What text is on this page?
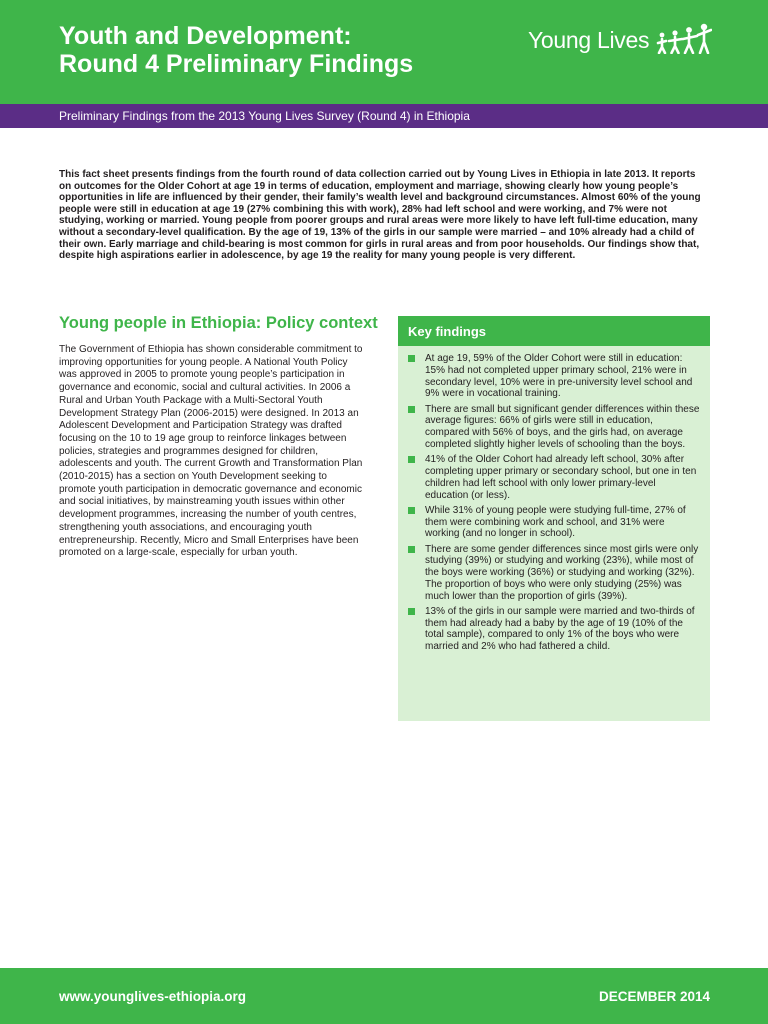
Youth and Development:
Round 4 Preliminary Findings
Young Lives

Preliminary Findings from the 2013 Young Lives Survey (Round 4) in Ethiopia

This fact sheet presents findings from the fourth round of data collection carried out by Young Lives in Ethiopia in late 2013. It reports on outcomes for the Older Cohort at age 19 in terms of education, employment and marriage, showing clearly how young people’s opportunities in life are influenced by their gender, their family’s wealth level and background circumstances. Almost 60% of the young people were still in education at age 19 (27% combining this with work), 28% had left school and were working, and 7% were not studying, working or married. Young people from poorer groups and rural areas were more likely to have left full-time education, many without a secondary-level qualification. By the age of 19, 13% of the girls in our sample were married – and 10% already had a child of their own. Early marriage and child-bearing is most common for girls in rural areas and from poor households. Our findings show that, despite high aspirations earlier in adolescence, by age 19 the reality for many young people is very different.

Young people in Ethiopia: Policy context

The Government of Ethiopia has shown considerable commitment to improving opportunities for young people. A National Youth Policy was approved in 2005 to promote young people’s participation in governance and economic, social and cultural activities. In 2006 a Rural and Urban Youth Package with a Multi-Sectoral Youth Development Strategy Plan (2006-2015) were designed. In 2013 an Adolescent Development and Participation Strategy was drafted focusing on the 10 to 19 age group to reinforce linkages between policies, strategies and programmes designed for children, adolescents and youth. The current Growth and Transformation Plan (2010-2015) has a section on Youth Development seeking to promote youth participation in democratic governance and economic and social initiatives, by mainstreaming youth issues within other development programmes, increasing the number of youth centres, strengthening youth associations, and encouraging youth entrepreneurship. Recently, Micro and Small Enterprises have been promoted on a large-scale, especially for urban youth.

Key findings
At age 19, 59% of the Older Cohort were still in education: 15% had not completed upper primary school, 21% were in secondary level, 10% were in pre-university level school and 9% were in vocational training.
There are small but significant gender differences within these average figures: 66% of girls were still in education, compared with 56% of boys, and the girls had, on average completed slightly higher levels of schooling than the boys.
41% of the Older Cohort had already left school, 30% after completing upper primary or secondary school, but one in ten children had left school with only lower primary-level education (or less).
While 31% of young people were studying full-time, 27% of them were combining work and school, and 31% were working (and no longer in school).
There are some gender differences since most girls were only studying (39%) or studying and working (23%), while most of the boys were working (36%) or studying and working (32%). The proportion of boys who were only studying (25%) was much lower than the proportion of girls (39%).
13% of the girls in our sample were married and two-thirds of them had already had a baby by the age of 19 (10% of the total sample), compared to only 1% of the boys who were married and 2% who had fathered a child.
www.younglives-ethiopia.org	DECEMBER 2014
